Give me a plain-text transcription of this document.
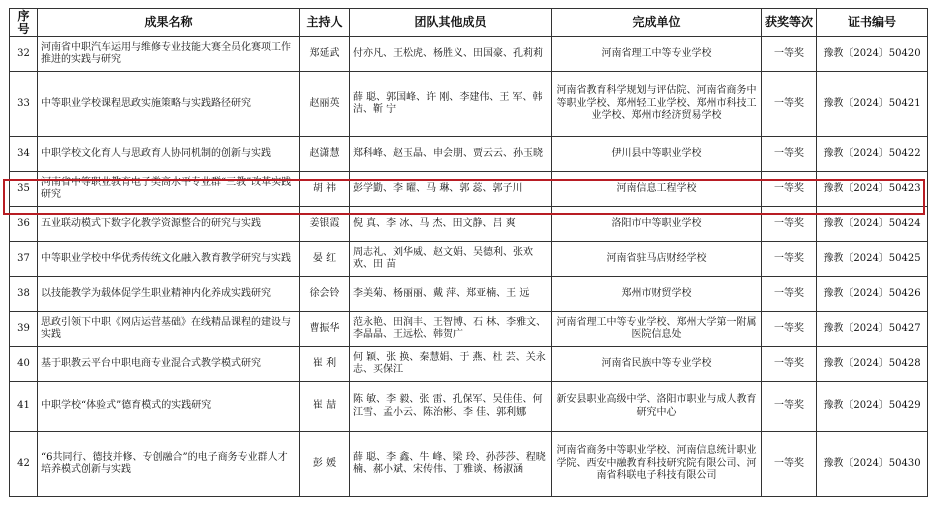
序号	成果名称	主持人	团队其他成员	完成单位	获奖等次	证书编号
32	河南省中职汽车运用与维修专业技能大赛全员化赛项工作推进的实践与研究	郑延武	付亦凡、王松虎、杨胜义、田国豪、孔莉莉	河南省理工中等专业学校	一等奖	豫教〔2024〕50420
33	中等职业学校课程思政实施策略与实践路径研究	赵丽英	薛 聪、郭国峰、许 刚、李建伟、王 军、韩 洁、靳 宁	河南省教育科学规划与评估院、河南省商务中等职业学校、郑州轻工业学校、郑州市科技工业学校、郑州市经济贸易学校	一等奖	豫教〔2024〕50421
34	中职学校文化育人与思政育人协同机制的创新与实践	赵潇慧	郑科峰、赵玉晶、申会朋、贾云云、孙玉晓	伊川县中等职业学校	一等奖	豫教〔2024〕50422
35	河南省中等职业教育电子类高水平专业群“三教”改革实践研究	胡 祎	彭学勤、李 曜、马 琳、郭 蕊、郭子川	河南信息工程学校	一等奖	豫教〔2024〕50423
36	五业联动模式下数字化教学资源整合的研究与实践	姜银霞	倪 真、李 冰、马 杰、田文静、吕 爽	洛阳市中等职业学校	一等奖	豫教〔2024〕50424
37	中等职业学校中华优秀传统文化融入教育教学研究与实践	晏 红	周志礼、刘华威、赵文娟、吴德利、张欢欢、田 苗	河南省驻马店财经学校	一等奖	豫教〔2024〕50425
38	以技能教学为载体促学生职业精神内化养成实践研究	徐会铃	李美菊、杨丽丽、戴 萍、郑亚楠、王 远	郑州市财贸学校	一等奖	豫教〔2024〕50426
39	思政引领下中职《网店运营基础》在线精品课程的建设与实践	曹振华	范永艳、田润丰、王智博、石 林、李雅文、李晶晶、王远松、韩贺广	河南省理工中等专业学校、郑州大学第一附属医院信息处	一等奖	豫教〔2024〕50427
40	基于职教云平台中职电商专业混合式教学模式研究	崔 利	何 颖、张 换、秦慧娟、于 燕、杜 芸、关永志、买保江	河南省民族中等专业学校	一等奖	豫教〔2024〕50428
41	中职学校“体验式”德育模式的实践研究	崔 喆	陈 敏、李 毅、张 雷、孔保军、吴佳佳、何江雪、孟小云、陈治彬、李 佳、郭利娜	新安县职业高级中学、洛阳市职业与成人教育研究中心	一等奖	豫教〔2024〕50429
42	“6共同行、德技并修、专创融合”的电子商务专业群人才培养模式创新与实践	彭 媛	薛 聪、李 鑫、牛 峰、梁 玲、孙莎莎、程晓楠、郝小斌、宋传伟、丁雅谈、杨淑涵	河南省商务中等职业学校、河南信息统计职业学院、西安中融教育科技研究院有限公司、河南省科联电子科技有限公司	一等奖	豫教〔2024〕50430
